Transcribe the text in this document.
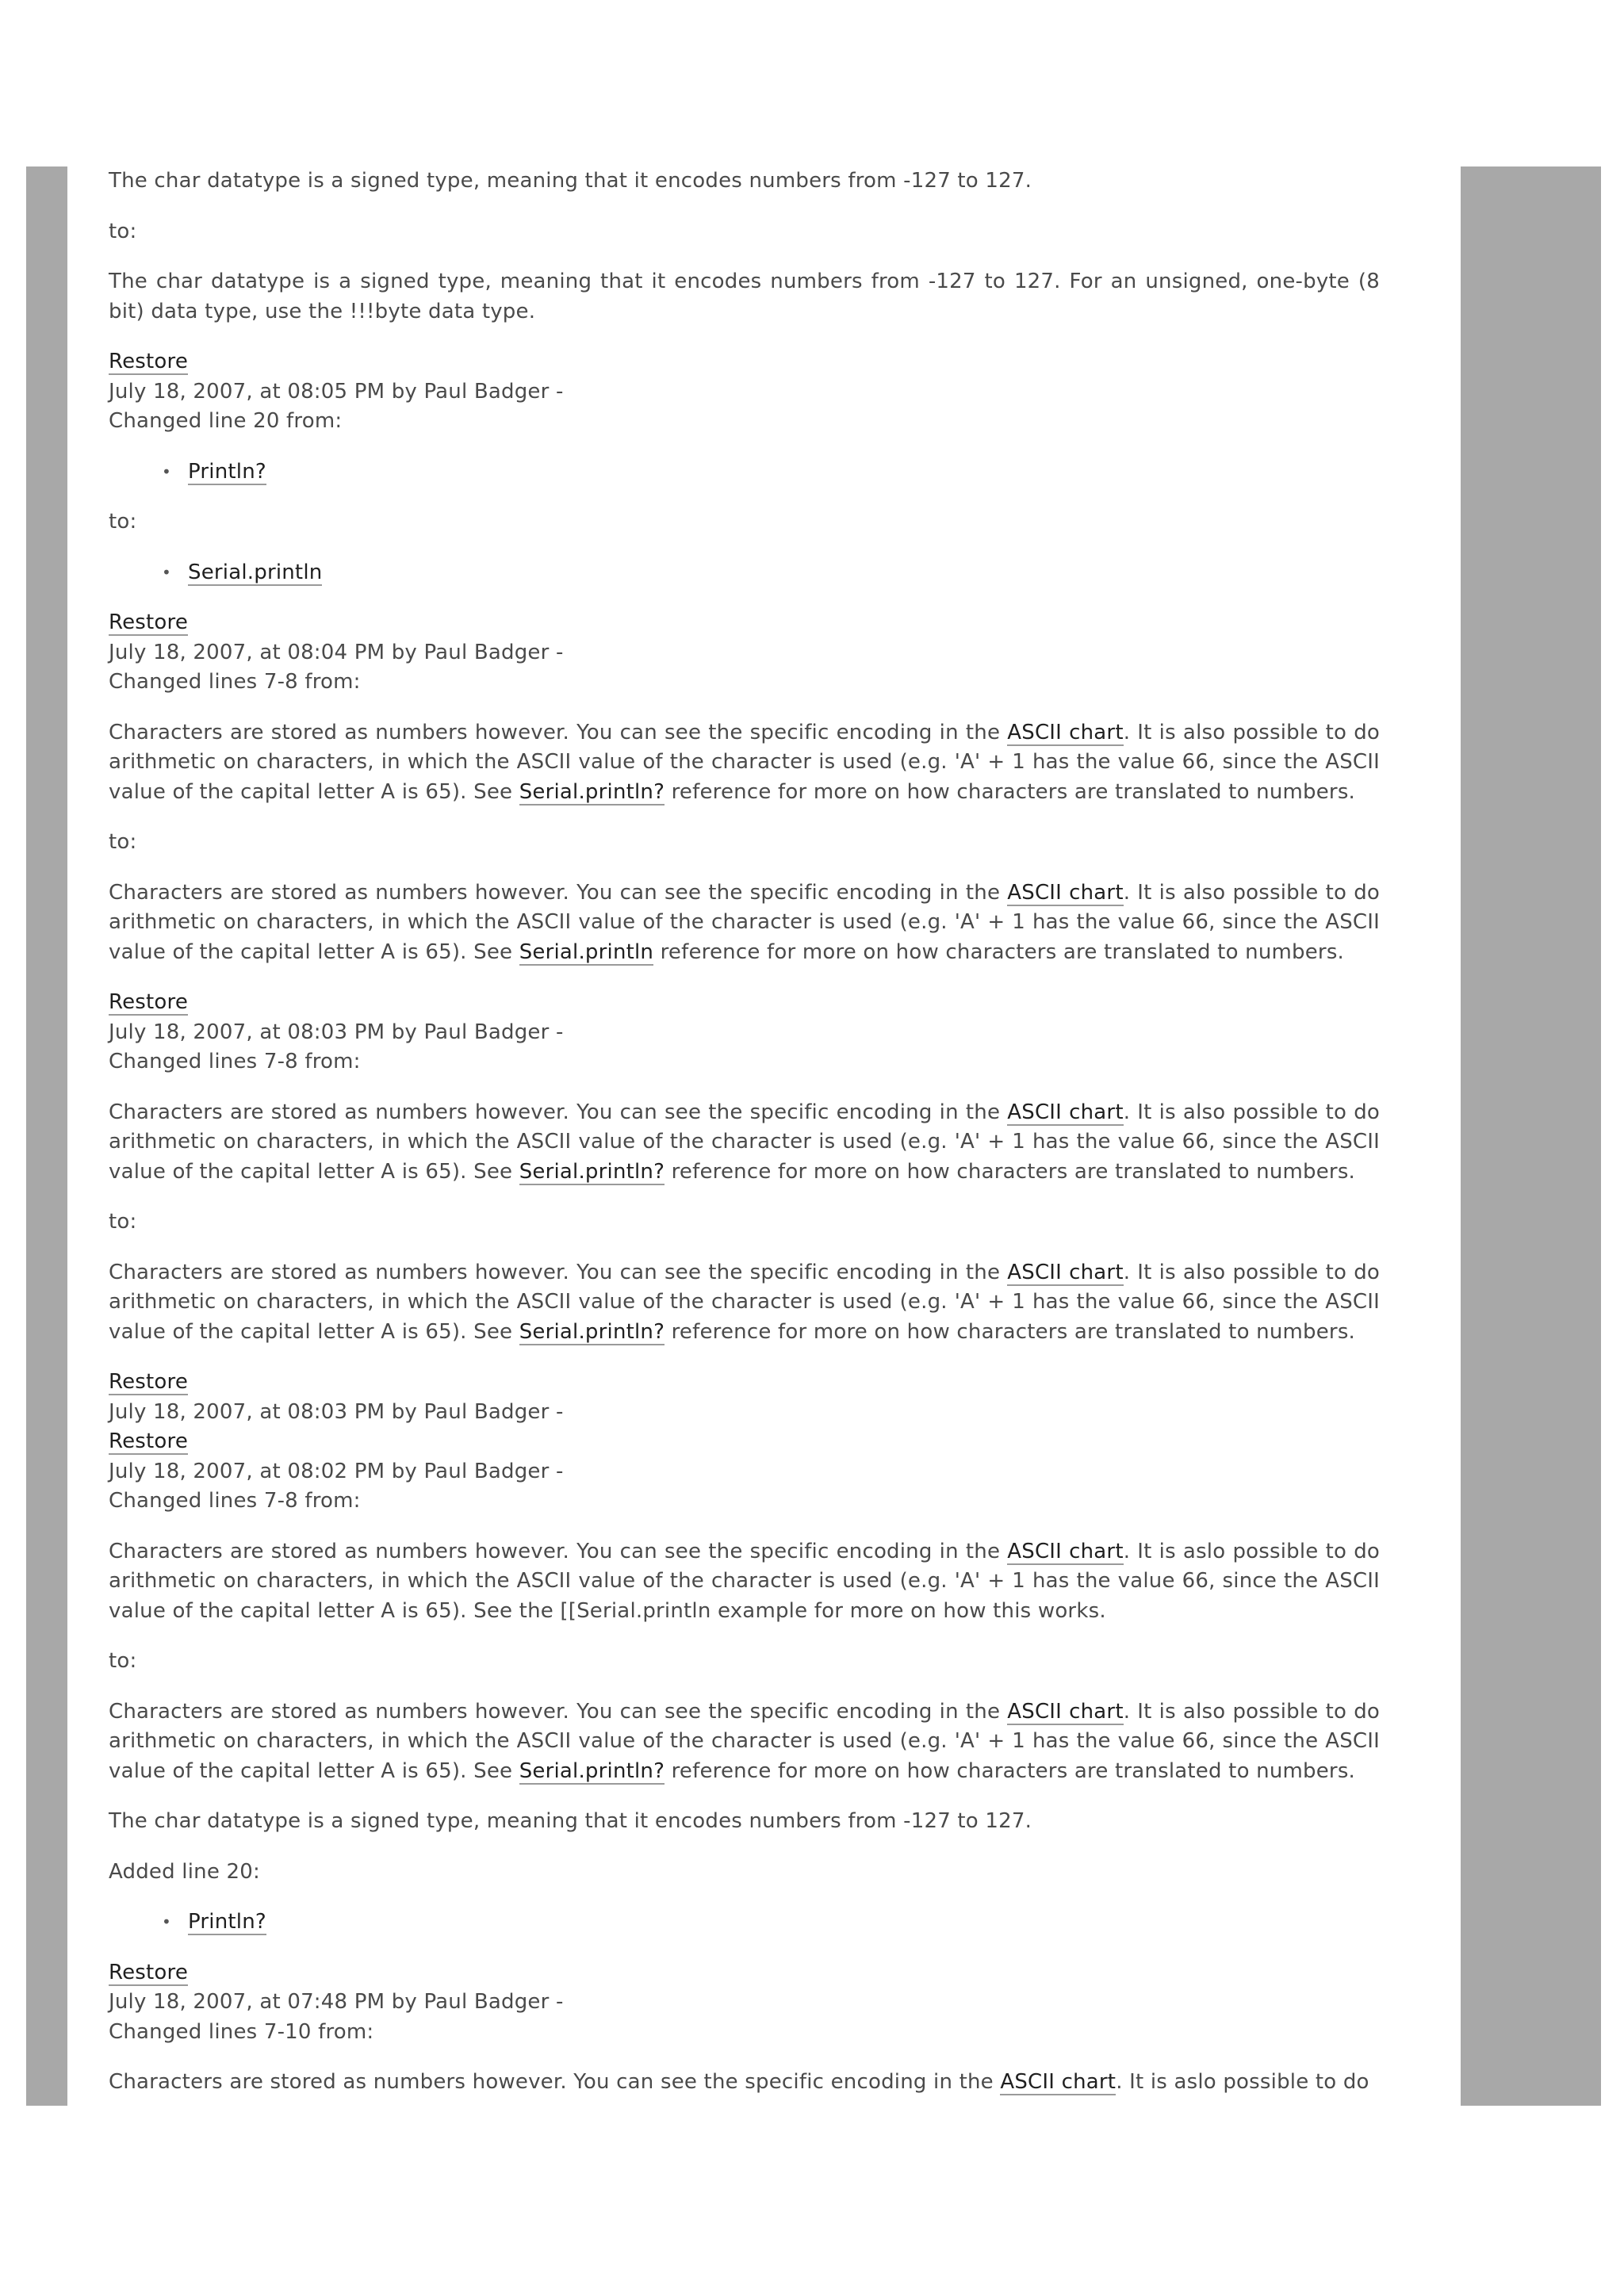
The char datatype is a signed type, meaning that it encodes numbers from -127 to 127.

to:

The char datatype is a signed type, meaning that it encodes numbers from -127 to 127. For an unsigned, one-byte (8 bit) data type, use the !!!byte data type.

Restore
July 18, 2007, at 08:05 PM by Paul Badger -
Changed line 20 from:
• Println?

to:

• Serial.println
Restore
July 18, 2007, at 08:04 PM by Paul Badger -
Changed lines 7-8 from:

Characters are stored as numbers however. You can see the specific encoding in the ASCII chart. It is also possible to do arithmetic on characters, in which the ASCII value of the character is used (e.g. 'A' + 1 has the value 66, since the ASCII value of the capital letter A is 65). See Serial.println? reference for more on how characters are translated to numbers.

to:

Characters are stored as numbers however. You can see the specific encoding in the ASCII chart. It is also possible to do arithmetic on characters, in which the ASCII value of the character is used (e.g. 'A' + 1 has the value 66, since the ASCII value of the capital letter A is 65). See Serial.println reference for more on how characters are translated to numbers.

Restore
July 18, 2007, at 08:03 PM by Paul Badger -
Changed lines 7-8 from:

Characters are stored as numbers however. You can see the specific encoding in the ASCII chart. It is also possible to do arithmetic on characters, in which the ASCII value of the character is used (e.g. 'A' + 1 has the value 66, since the ASCII value of the capital letter A is 65). See Serial.println? reference for more on how characters are translated to numbers.

to:

Characters are stored as numbers however. You can see the specific encoding in the ASCII chart. It is also possible to do arithmetic on characters, in which the ASCII value of the character is used (e.g. 'A' + 1 has the value 66, since the ASCII value of the capital letter A is 65). See Serial.println? reference for more on how characters are translated to numbers.

Restore
July 18, 2007, at 08:03 PM by Paul Badger -
Restore
July 18, 2007, at 08:02 PM by Paul Badger -
Changed lines 7-8 from:

Characters are stored as numbers however. You can see the specific encoding in the ASCII chart. It is aslo possible to do arithmetic on characters, in which the ASCII value of the character is used (e.g. 'A' + 1 has the value 66, since the ASCII value of the capital letter A is 65). See the [[Serial.println example for more on how this works.

to:

Characters are stored as numbers however. You can see the specific encoding in the ASCII chart. It is also possible to do arithmetic on characters, in which the ASCII value of the character is used (e.g. 'A' + 1 has the value 66, since the ASCII value of the capital letter A is 65). See Serial.println? reference for more on how characters are translated to numbers.

The char datatype is a signed type, meaning that it encodes numbers from -127 to 127.

Added line 20:

• Println?
Restore
July 18, 2007, at 07:48 PM by Paul Badger -
Changed lines 7-10 from:

Characters are stored as numbers however. You can see the specific encoding in the ASCII chart. It is aslo possible to do
